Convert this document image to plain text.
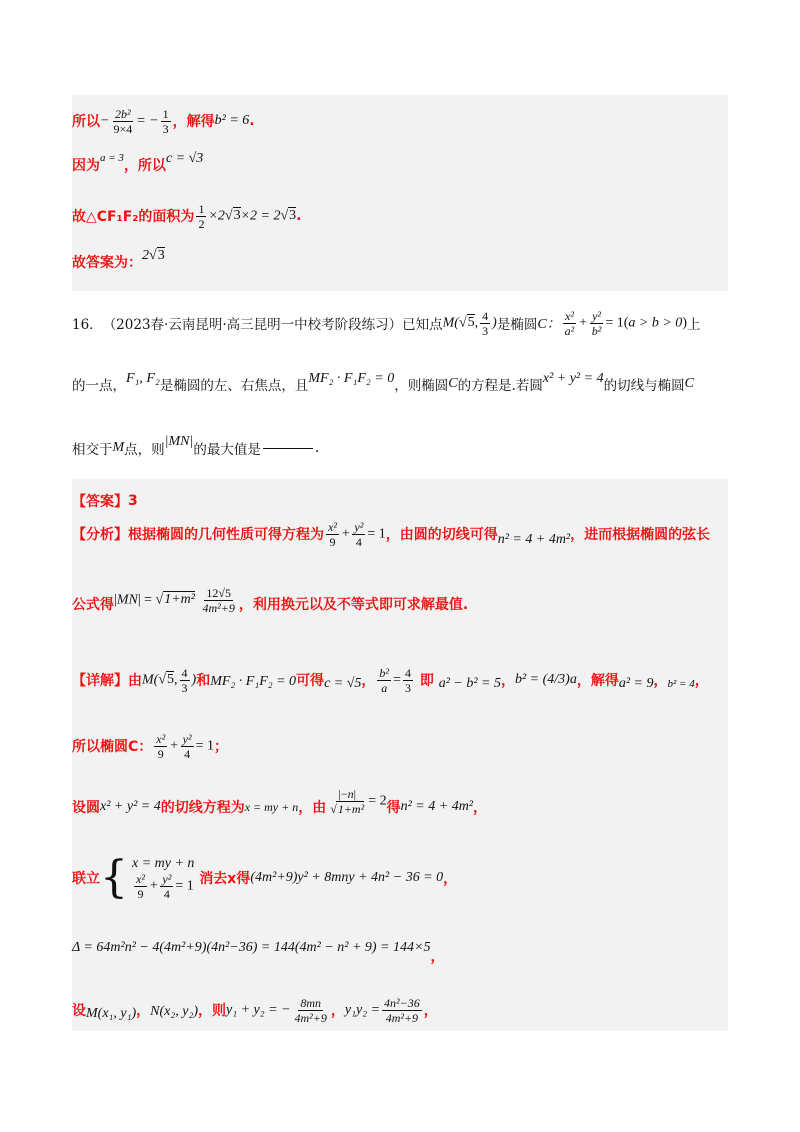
所以 − $\frac{\text{2b²}}{9\times 4}$ = − $\frac{1}{3}$ ，解得 b² = 6 .
因为 a = 3 ，所以 c = √3
故△CF₁F₂的面积为 $\frac{1}{2} \times 2√3\times 2 = 2√3$ .
故答案为： 2√3
16． （2023春·云南昆明·高三昆明一中校考阶段练习） 已知点 M(√5, $\frac{4}{3}$ ) 是椭圆 C： $\frac{\text{x²}}{\text{a²}} + \frac{\text{y²}}{\text{b²}} = 1(a > b > 0)$ 上
的一点， F₁, F₂ 是椭圆的左、右焦点，且 MF₂ · F₁F₂ = 0 ，则椭圆 C 的方程是.若圆 x² + y² = 4 的切线与椭圆 C
相交于 M 点，则
|MN|
的最大值是	.
【答案】 3
【分析】 根据椭圆的几何性质可得方程为 $\frac{\text{x²}}{9} + \frac{\text{y²}}{4} = 1$ ，由圆的切线可得 n² = 4 + 4m² ，进而根据椭圆的弦长
公式得 $|MN| = √1+m^2 \frac{12√5}{\text{4m²+9}}$ ，利用换元以及不等式即可求解最值.
【详解】 由 M(√5, $\frac{4}{3}$ ) 和 MF₂ · F₁F₂ = 0 可得 c = √5 ， $\frac{\text{b²}}{a} = \frac{4}{3}$
即
a² − b² = 5 ， b² = (4/3)a ，解得 a² = 9 ， b² = 4 ，
所以椭圆C： $\frac{\text{x²}}{9} + \frac{\text{y²}}{4} = 1$ ；
设圆 x² + y² = 4 的切线方程为 x = my + n ，由 $\frac{|-n|}{\text{√1+m²}} = 2$ 得 n² = 4 + 4m² ，
联立 { x = my + n
$\frac{\text{x²}}{9} + \frac{\text{y²}}{4} = 1$
消去x得 (4m²+9)y² + 8mny + 4n² − 36 = 0 ，
Δ = 64m²n² − 4(4m²+9)(4n²−36) = 144(4m² − n² + 9) = 144×5
，
设 M(x₁, y₁) ， N(x₂, y₂) ，则 y₁ + y₂ = − $\frac{8mn}{\text{4m²+9}}$ ， $y_1y_2 = \frac{\text{4n²−36}}{\text{4m²+9}}$ ，
